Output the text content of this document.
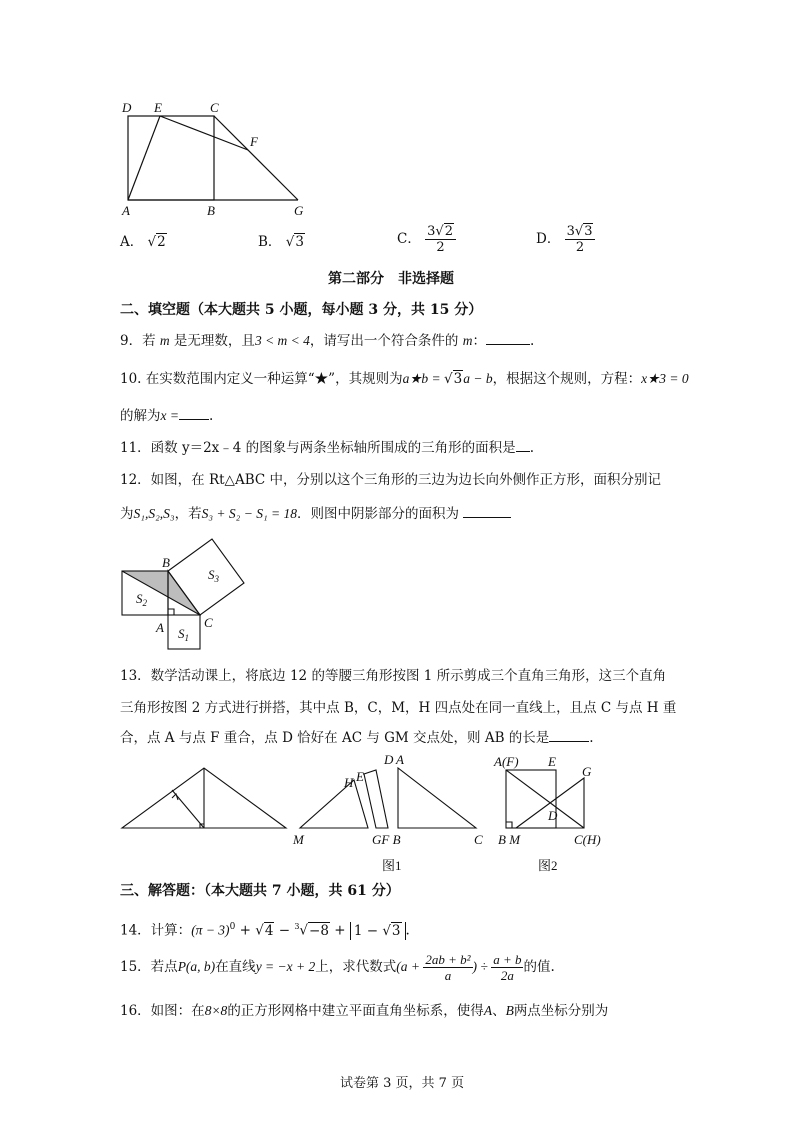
D E	C
F
A	B	G
A． √2	B． √3	C． $\frac{3√2}{2}$	D． $\frac{3√3}{2}$
第二部分　非选择题
二、填空题（本大题共 5 小题，每小题 3 分，共 15 分）
9．若 m 是无理数，且3 < m < 4，请写出一个符合条件的 m：	.
10. 在实数范围内定义一种运算“★”，其规则为a★b = √3a − b，根据这个规则，方程：x★3 = 0
的解为x = .
11．函数 y＝2x﹣4 的图象与两条坐标轴所围成的三角形的面积是 .
12．如图，在 Rt△ABC 中，分别以这个三角形的三边为边长向外侧作正方形，面积分别记
为S₁,S₂,S₃，若S₃ + S₂ − S₁ = 18．则图中阴影部分的面积为
B
$S_3$
$S_2$
A	C
$S_1$
13．数学活动课上，将底边 12 的等腰三角形按图 1 所示剪成三个直角三角形，这三个直角
三角形按图 2 方式进行拼搭，其中点 B，C，M，H 四点处在同一直线上，且点 C 与点 H 重
合，点 A 与点 F 重合，点 D 恰好在 AC 与 GM 交点处，则 AB 的长是	.
H E
D A
M	GF B	C
A(F) E
G
D
B M	C(H)
图1	图2
三、解答题：（本大题共 7 小题，共 61 分）
14．计算：$(\pi - 3)^0 + √4 - ^3√-8 + 1 - √3$ .
15．若点P(a, b)在直线y = −x + 2上，求代数式($a + \frac{\text{2ab + b²}}{a}$ ) ÷ $\frac{a + b}{2a}$ 的值.
16．如图：在8×8的正方形网格中建立平面直角坐标系，使得A、B两点坐标分别为
试卷第 3 页，共 7 页
